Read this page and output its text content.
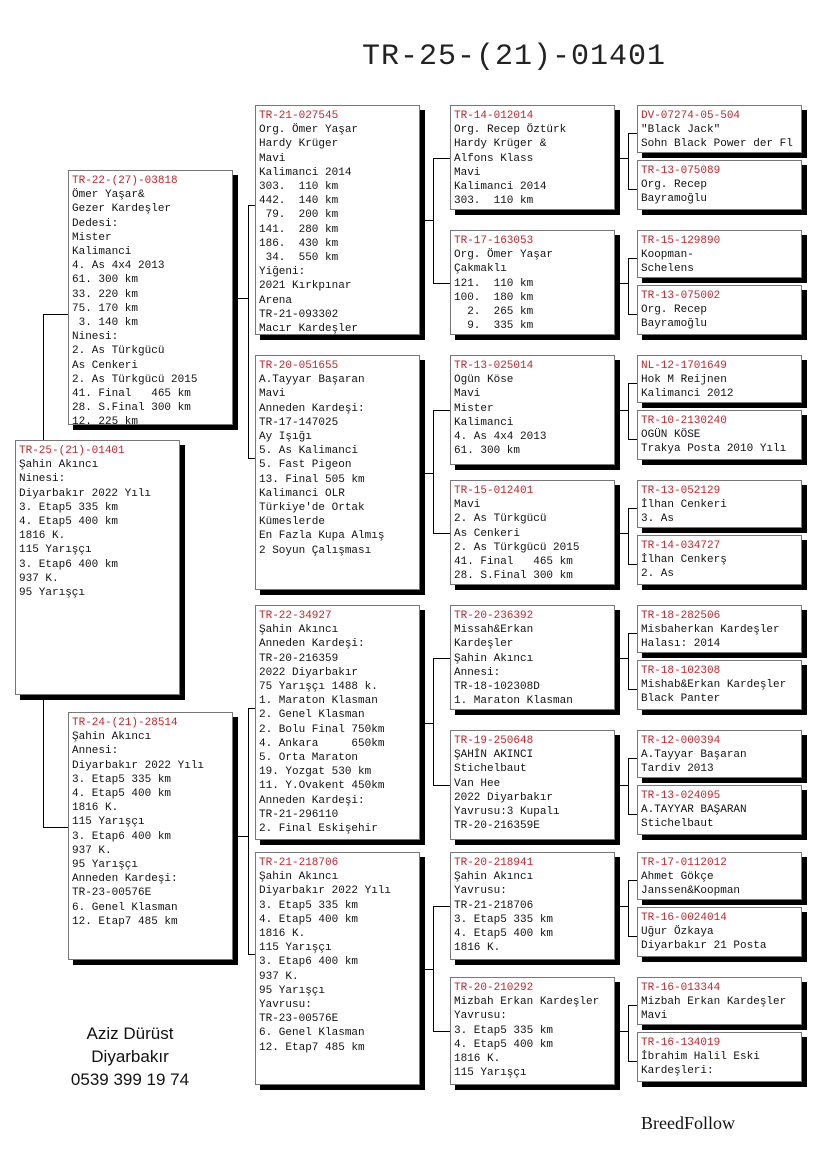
TR-25-(21)-01401
TR-25-(21)-01401
Şahin Akıncı
Ninesi:
Diyarbakır 2022 Yılı
3. Etap5 335 km
4. Etap5 400 km
1816 K.
115 Yarışçı
3. Etap6 400 km
937 K.
95 Yarışçı
TR-22-(27)-03818
Ömer Yaşar&
Gezer Kardeşler
Dedesi:
Mister
Kalimanci
4. As 4x4 2013
61. 300 km
33. 220 km
75. 170 km
3. 140 km
Ninesi:
2. As Türkgücü
As Cenkeri
2. As Türkgücü 2015
41. Final   465 km
28. S.Final 300 km
12. 225 km
TR-24-(21)-28514
Şahin Akıncı
Annesi:
Diyarbakır 2022 Yılı
3. Etap5 335 km
4. Etap5 400 km
1816 K.
115 Yarışçı
3. Etap6 400 km
937 K.
95 Yarışçı
Anneden Kardeşi:
TR-23-00576E
6. Genel Klasman
12. Etap7 485 km
TR-21-027545
Org. Ömer Yaşar
Hardy Krüger
Mavi
Kalimanci 2014
303.  110 km
442.  140 km
79.  200 km
141.  280 km
186.  430 km
34.  550 km
Yiğeni:
2021 Kırkpınar
Arena
TR-21-093302
Macır Kardeşler
TR-20-051655
A.Tayyar Başaran
Mavi
Anneden Kardeşi:
TR-17-147025
Ay Işığı
5. As Kalimanci
5. Fast Pigeon
13. Final 505 km
Kalimanci OLR
Türkiye'de Ortak
Kümeslerde
En Fazla Kupa Almış
2 Soyun Çalışması
TR-22-34927
Şahin Akıncı
Anneden Kardeşi:
TR-20-216359
2022 Diyarbakır
75 Yarışçı 1488 k.
1. Maraton Klasman
2. Genel Klasman
2. Bolu Final 750km
4. Ankara     650km
5. Orta Maraton
19. Yozgat 530 km
11. Y.Ovakent 450km
Anneden Kardeşi:
TR-21-296110
2. Final Eskişehir
TR-21-218706
Şahin Akıncı
Diyarbakır 2022 Yılı
3. Etap5 335 km
4. Etap5 400 km
1816 K.
115 Yarışçı
3. Etap6 400 km
937 K.
95 Yarışçı
Yavrusu:
TR-23-00576E
6. Genel Klasman
12. Etap7 485 km
TR-14-012014
Org. Recep Öztürk
Hardy Krüger &
Alfons Klass
Mavi
Kalimanci 2014
303.  110 km
TR-17-163053
Org. Ömer Yaşar
Çakmaklı
121.  110 km
100.  180 km
2.  265 km
9.  335 km
TR-13-025014
Ogün Köse
Mavi
Mister
Kalimanci
4. As 4x4 2013
61. 300 km
TR-15-012401
Mavi
2. As Türkgücü
As Cenkeri
2. As Türkgücü 2015
41. Final   465 km
28. S.Final 300 km
TR-20-236392
Missah&Erkan
Kardeşler
Şahin Akıncı
Annesi:
TR-18-102308D
1. Maraton Klasman
TR-19-250648
ŞAHİN AKINCI
Stichelbaut
Van Hee
2022 Diyarbakır
Yavrusu:3 Kupalı
TR-20-216359E
TR-20-218941
Şahin Akıncı
Yavrusu:
TR-21-218706
3. Etap5 335 km
4. Etap5 400 km
1816 K.
TR-20-210292
Mizbah Erkan Kardeşler
Yavrusu:
3. Etap5 335 km
4. Etap5 400 km
1816 K.
115 Yarışçı
DV-07274-05-504
"Black Jack"
Sohn Black Power der Fl
TR-13-075089
Org. Recep
Bayramoğlu
TR-15-129890
Koopman-
Schelens
TR-13-075002
Org. Recep
Bayramoğlu
NL-12-1701649
Hok M Reijnen
Kalimanci 2012
TR-10-2130240
OGÜN KÖSE
Trakya Posta 2010 Yılı
TR-13-052129
İlhan Cenkeri
3. As
TR-14-034727
İlhan Cenkerş
2. As
TR-18-282506
Misbaherkan Kardeşler
Halası: 2014
TR-18-102308
Mishab&Erkan Kardeşler
Black Panter
TR-12-000394
A.Tayyar Başaran
Tardiv 2013
TR-13-024095
A.TAYYAR BAŞARAN
Stichelbaut
TR-17-0112012
Ahmet Gökçe
Janssen&Koopman
TR-16-0024014
Uğur Özkaya
Diyarbakır 21 Posta
TR-16-013344
Mizbah Erkan Kardeşler
Mavi
TR-16-134019
İbrahim Halil Eski
Kardeşleri:
Aziz Dürüst
Diyarbakır
0539 399 19 74
BreedFollow
